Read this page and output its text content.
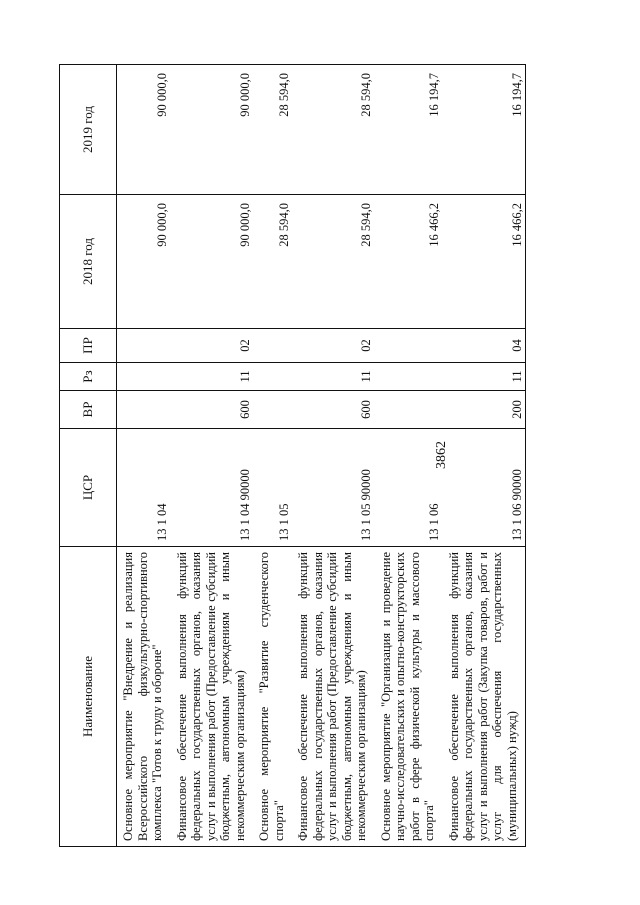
3862
Наименование	ЦСР	ВР	Рз	ПР	2018 год	2019 год
Основное мероприятие "Внедрение и реализация Всероссийского физкультурно-спортивного комплекса "Готов к труду и обороне"	13 1 04				90 000,0	90 000,0
Финансовое обеспечение выполнения функций федеральных государственных органов, оказания услуг и выполнения работ (Предоставление субсидий бюджетным, автономным учреждениям и иным некоммерческим организациям)	13 1 04 90000	600	11	02	90 000,0	90 000,0
Основное мероприятие "Развитие студенческого спорта"	13 1 05				28 594,0	28 594,0
Финансовое обеспечение выполнения функций федеральных государственных органов, оказания услуг и выполнения работ (Предоставление субсидий бюджетным, автономным учреждениям и иным некоммерческим организациям)	13 1 05 90000	600	11	02	28 594,0	28 594,0
Основное мероприятие "Организация и проведение научно-исследовательских и опытно-конструкторских работ в сфере физической культуры и массового спорта"	13 1 06				16 466,2	16 194,7
Финансовое обеспечение выполнения функций федеральных государственных органов, оказания услуг и выполнения работ (Закупка товаров, работ и услуг для обеспечения государственных (муниципальных) нужд)	13 1 06 90000	200	11	04	16 466,2	16 194,7
